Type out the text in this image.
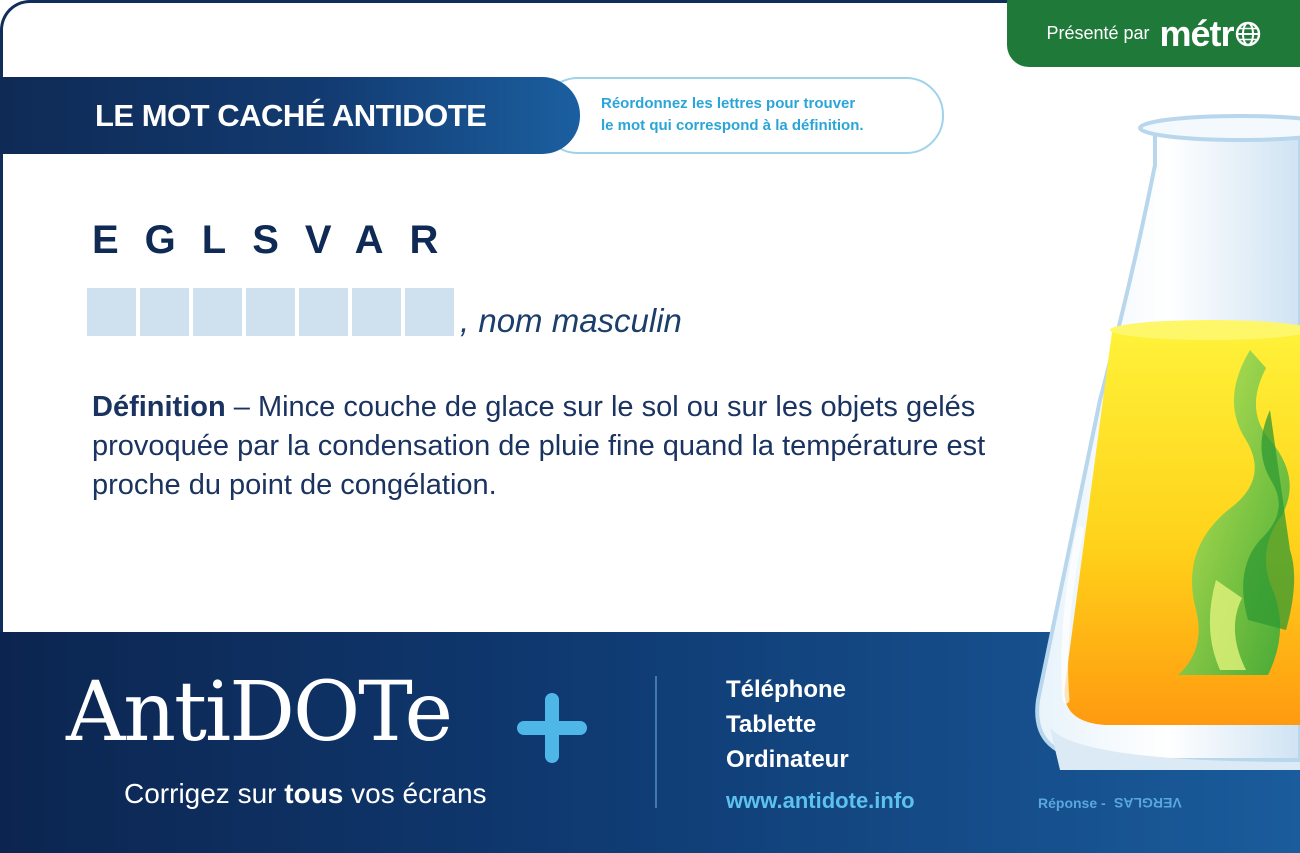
Présenté par métr
LE MOT CACHÉ ANTIDOTE	Réordonnez les lettres pour trouver
le mot qui correspond à la définition.
EGLSVAR
, nom masculin
Définition – Mince couche de glace sur le sol ou sur les objets gelés provoquée par la condensation de pluie fine quand la température est proche du point de congélation.
AntiDOTe
Corrigez sur tous vos écrans
Téléphone
Tablette
Ordinateur
www.antidote.info	Réponse - VERGLAS
